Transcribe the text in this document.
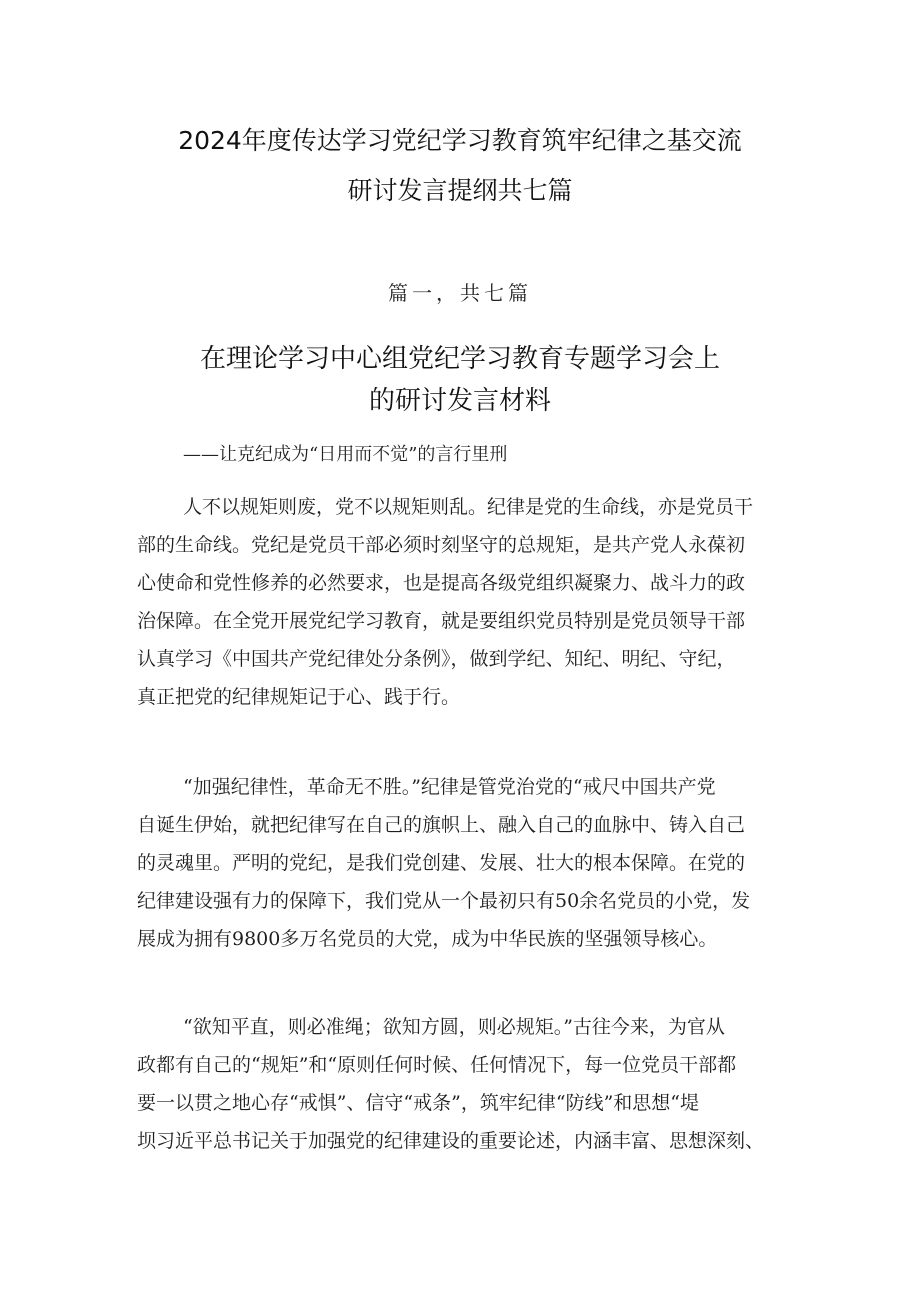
2024年度传达学习党纪学习教育筑牢纪律之基交流
研讨发言提纲共七篇
篇一，共七篇
在理论学习中心组党纪学习教育专题学习会上
的研讨发言材料
——让克纪成为“日用而不觉”的言行里刑
人不以规矩则废，党不以规矩则乱。纪律是党的生命线，亦是党员干
部的生命线。党纪是党员干部必须时刻坚守的总规矩，是共产党人永葆初
心使命和党性修养的必然要求，也是提高各级党组织凝聚力、战斗力的政
治保障。在全党开展党纪学习教育，就是要组织党员特别是党员领导干部
认真学习《中国共产党纪律处分条例》，做到学纪、知纪、明纪、守纪，
真正把党的纪律规矩记于心、践于行。
“加强纪律性，革命无不胜。”纪律是管党治党的“戒尺中国共产党
自诞生伊始，就把纪律写在自己的旗帜上、融入自己的血脉中、铸入自己
的灵魂里。严明的党纪，是我们党创建、发展、壮大的根本保障。在党的
纪律建设强有力的保障下，我们党从一个最初只有50余名党员的小党，发
展成为拥有9800多万名党员的大党，成为中华民族的坚强领导核心。
“欲知平直，则必准绳；欲知方圆，则必规矩。”古往今来，为官从
政都有自己的“规矩”和“原则任何时候、任何情况下，每一位党员干部都
要一以贯之地心存“戒惧”、信守“戒条”，筑牢纪律“防线”和思想“堤
坝习近平总书记关于加强党的纪律建设的重要论述，内涵丰富、思想深刻、
